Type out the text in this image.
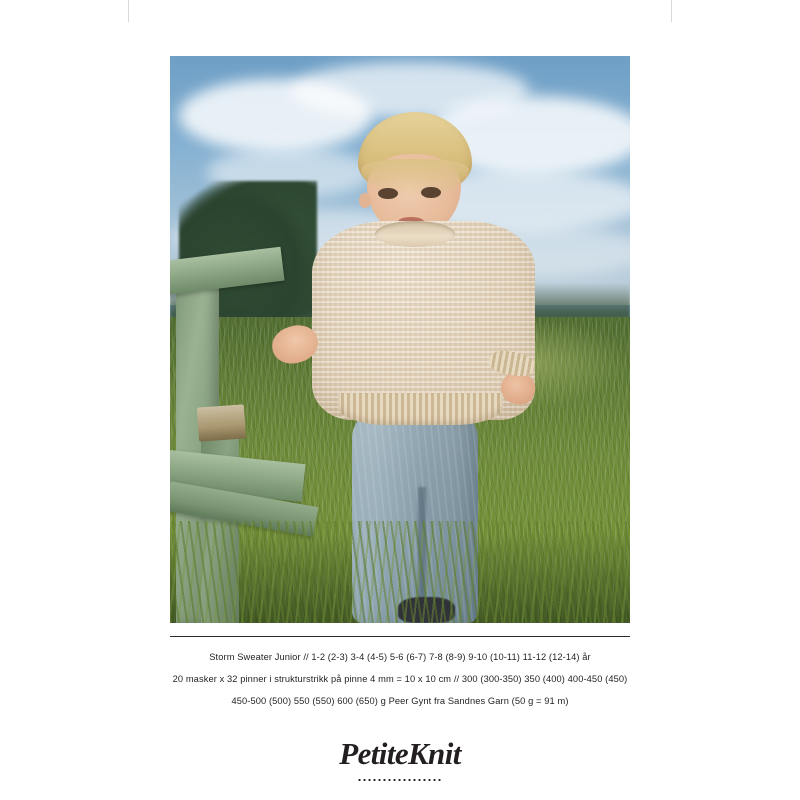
Storm Sweater Junior // 1-2 (2-3) 3-4 (4-5) 5-6 (6-7) 7-8 (8-9) 9-10 (10-11) 11-12 (12-14) år
20 masker x 32 pinner i strukturstrikk på pinne 4 mm = 10 x 10 cm // 300 (300-350) 350 (400) 400-450 (450)
450-500 (500) 550 (550) 600 (650) g Peer Gynt fra Sandnes Garn (50 g = 91 m)
PetiteKnit
